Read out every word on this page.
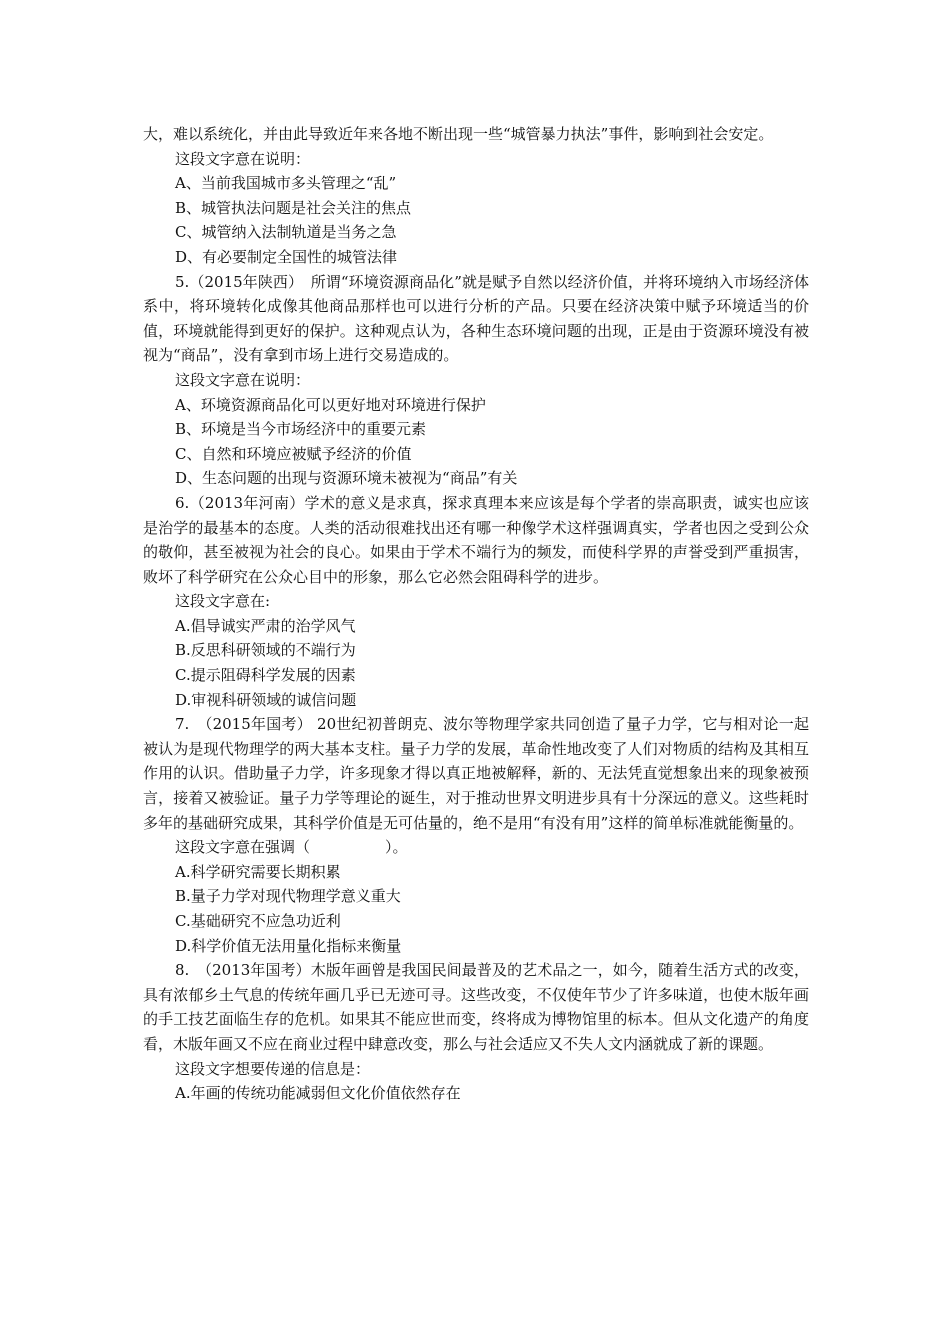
大，难以系统化，并由此导致近年来各地不断出现一些“城管暴力执法”事件，影响到社会安定。

这段文字意在说明：

A、当前我国城市多头管理之“乱”

B、城管执法问题是社会关注的焦点

C、城管纳入法制轨道是当务之急

D、有必要制定全国性的城管法律

5.（2015年陕西）　所谓“环境资源商品化”就是赋予自然以经济价值，并将环境纳入市场经济体系中，将环境转化成像其他商品那样也可以进行分析的产品。只要在经济决策中赋予环境适当的价值，环境就能得到更好的保护。这种观点认为，各种生态环境问题的出现，正是由于资源环境没有被视为“商品”，没有拿到市场上进行交易造成的。

这段文字意在说明：

A、环境资源商品化可以更好地对环境进行保护

B、环境是当今市场经济中的重要元素

C、自然和环境应被赋予经济的价值

D、生态问题的出现与资源环境未被视为“商品”有关

6.（2013年河南）学术的意义是求真，探求真理本来应该是每个学者的崇高职责，诚实也应该是治学的最基本的态度。人类的活动很难找出还有哪一种像学术这样强调真实，学者也因之受到公众的敬仰，甚至被视为社会的良心。如果由于学术不端行为的频发，而使科学界的声誉受到严重损害，败坏了科学研究在公众心目中的形象，那么它必然会阻碍科学的进步。

这段文字意在:

A.倡导诚实严肃的治学风气

B.反思科研领域的不端行为

C.提示阻碍科学发展的因素

D.审视科研领域的诚信问题

7.　（2015年国考） 20世纪初普朗克、波尔等物理学家共同创造了量子力学，它与相对论一起被认为是现代物理学的两大基本支柱。量子力学的发展，革命性地改变了人们对物质的结构及其相互作用的认识。借助量子力学，许多现象才得以真正地被解释，新的、无法凭直觉想象出来的现象被预言，接着又被验证。量子力学等理论的诞生，对于推动世界文明进步具有十分深远的意义。这些耗时多年的基础研究成果，其科学价值是无可估量的，绝不是用“有没有用”这样的简单标准就能衡量的。

这段文字意在强调（　　　　　）。

A.科学研究需要长期积累

B.量子力学对现代物理学意义重大

C.基础研究不应急功近利

D.科学价值无法用量化指标来衡量

8.　（2013年国考）木版年画曾是我国民间最普及的艺术品之一，如今，随着生活方式的改变，具有浓郁乡土气息的传统年画几乎已无迹可寻。这些改变，不仅使年节少了许多味道，也使木版年画的手工技艺面临生存的危机。如果其不能应世而变，终将成为博物馆里的标本。但从文化遗产的角度看，木版年画又不应在商业过程中肆意改变，那么与社会适应又不失人文内涵就成了新的课题。

这段文字想要传递的信息是：

A.年画的传统功能减弱但文化价值依然存在
